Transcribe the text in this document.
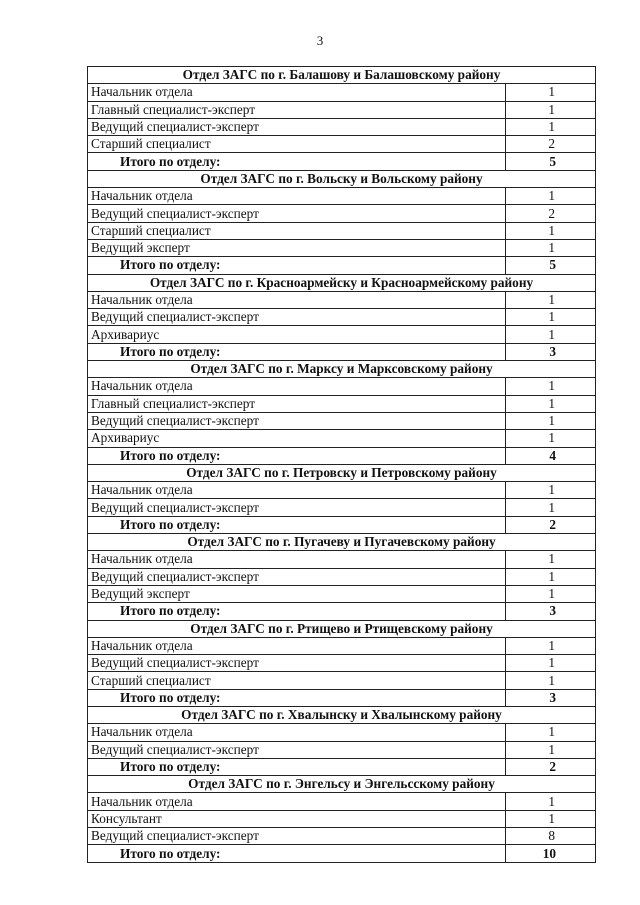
3
Отдел ЗАГС по г. Балашову и Балашовскому району	
Начальник отдела	1
Главный специалист-эксперт	1
Ведущий специалист-эксперт	1
Старший специалист	2
Итого по отделу:	5
Отдел ЗАГС по г. Вольску и Вольскому району	
Начальник отдела	1
Ведущий специалист-эксперт	2
Старший специалист	1
Ведущий эксперт	1
Итого по отделу:	5
Отдел ЗАГС по г. Красноармейску и Красноармейскому району	
Начальник отдела	1
Ведущий специалист-эксперт	1
Архивариус	1
Итого по отделу:	3
Отдел ЗАГС по г. Марксу и Марксовскому району	
Начальник отдела	1
Главный специалист-эксперт	1
Ведущий специалист-эксперт	1
Архивариус	1
Итого по отделу:	4
Отдел ЗАГС по г. Петровску и Петровскому району	
Начальник отдела	1
Ведущий специалист-эксперт	1
Итого по отделу:	2
Отдел ЗАГС по г. Пугачеву и Пугачевскому району	
Начальник отдела	1
Ведущий специалист-эксперт	1
Ведущий эксперт	1
Итого по отделу:	3
Отдел ЗАГС по г. Ртищево и Ртищевскому району	
Начальник отдела	1
Ведущий специалист-эксперт	1
Старший специалист	1
Итого по отделу:	3
Отдел ЗАГС по г. Хвалынску и Хвалынскому району	
Начальник отдела	1
Ведущий специалист-эксперт	1
Итого по отделу:	2
Отдел ЗАГС по г. Энгельсу и Энгельсскому району	
Начальник отдела	1
Консультант	1
Ведущий специалист-эксперт	8
Итого по отделу:	10
